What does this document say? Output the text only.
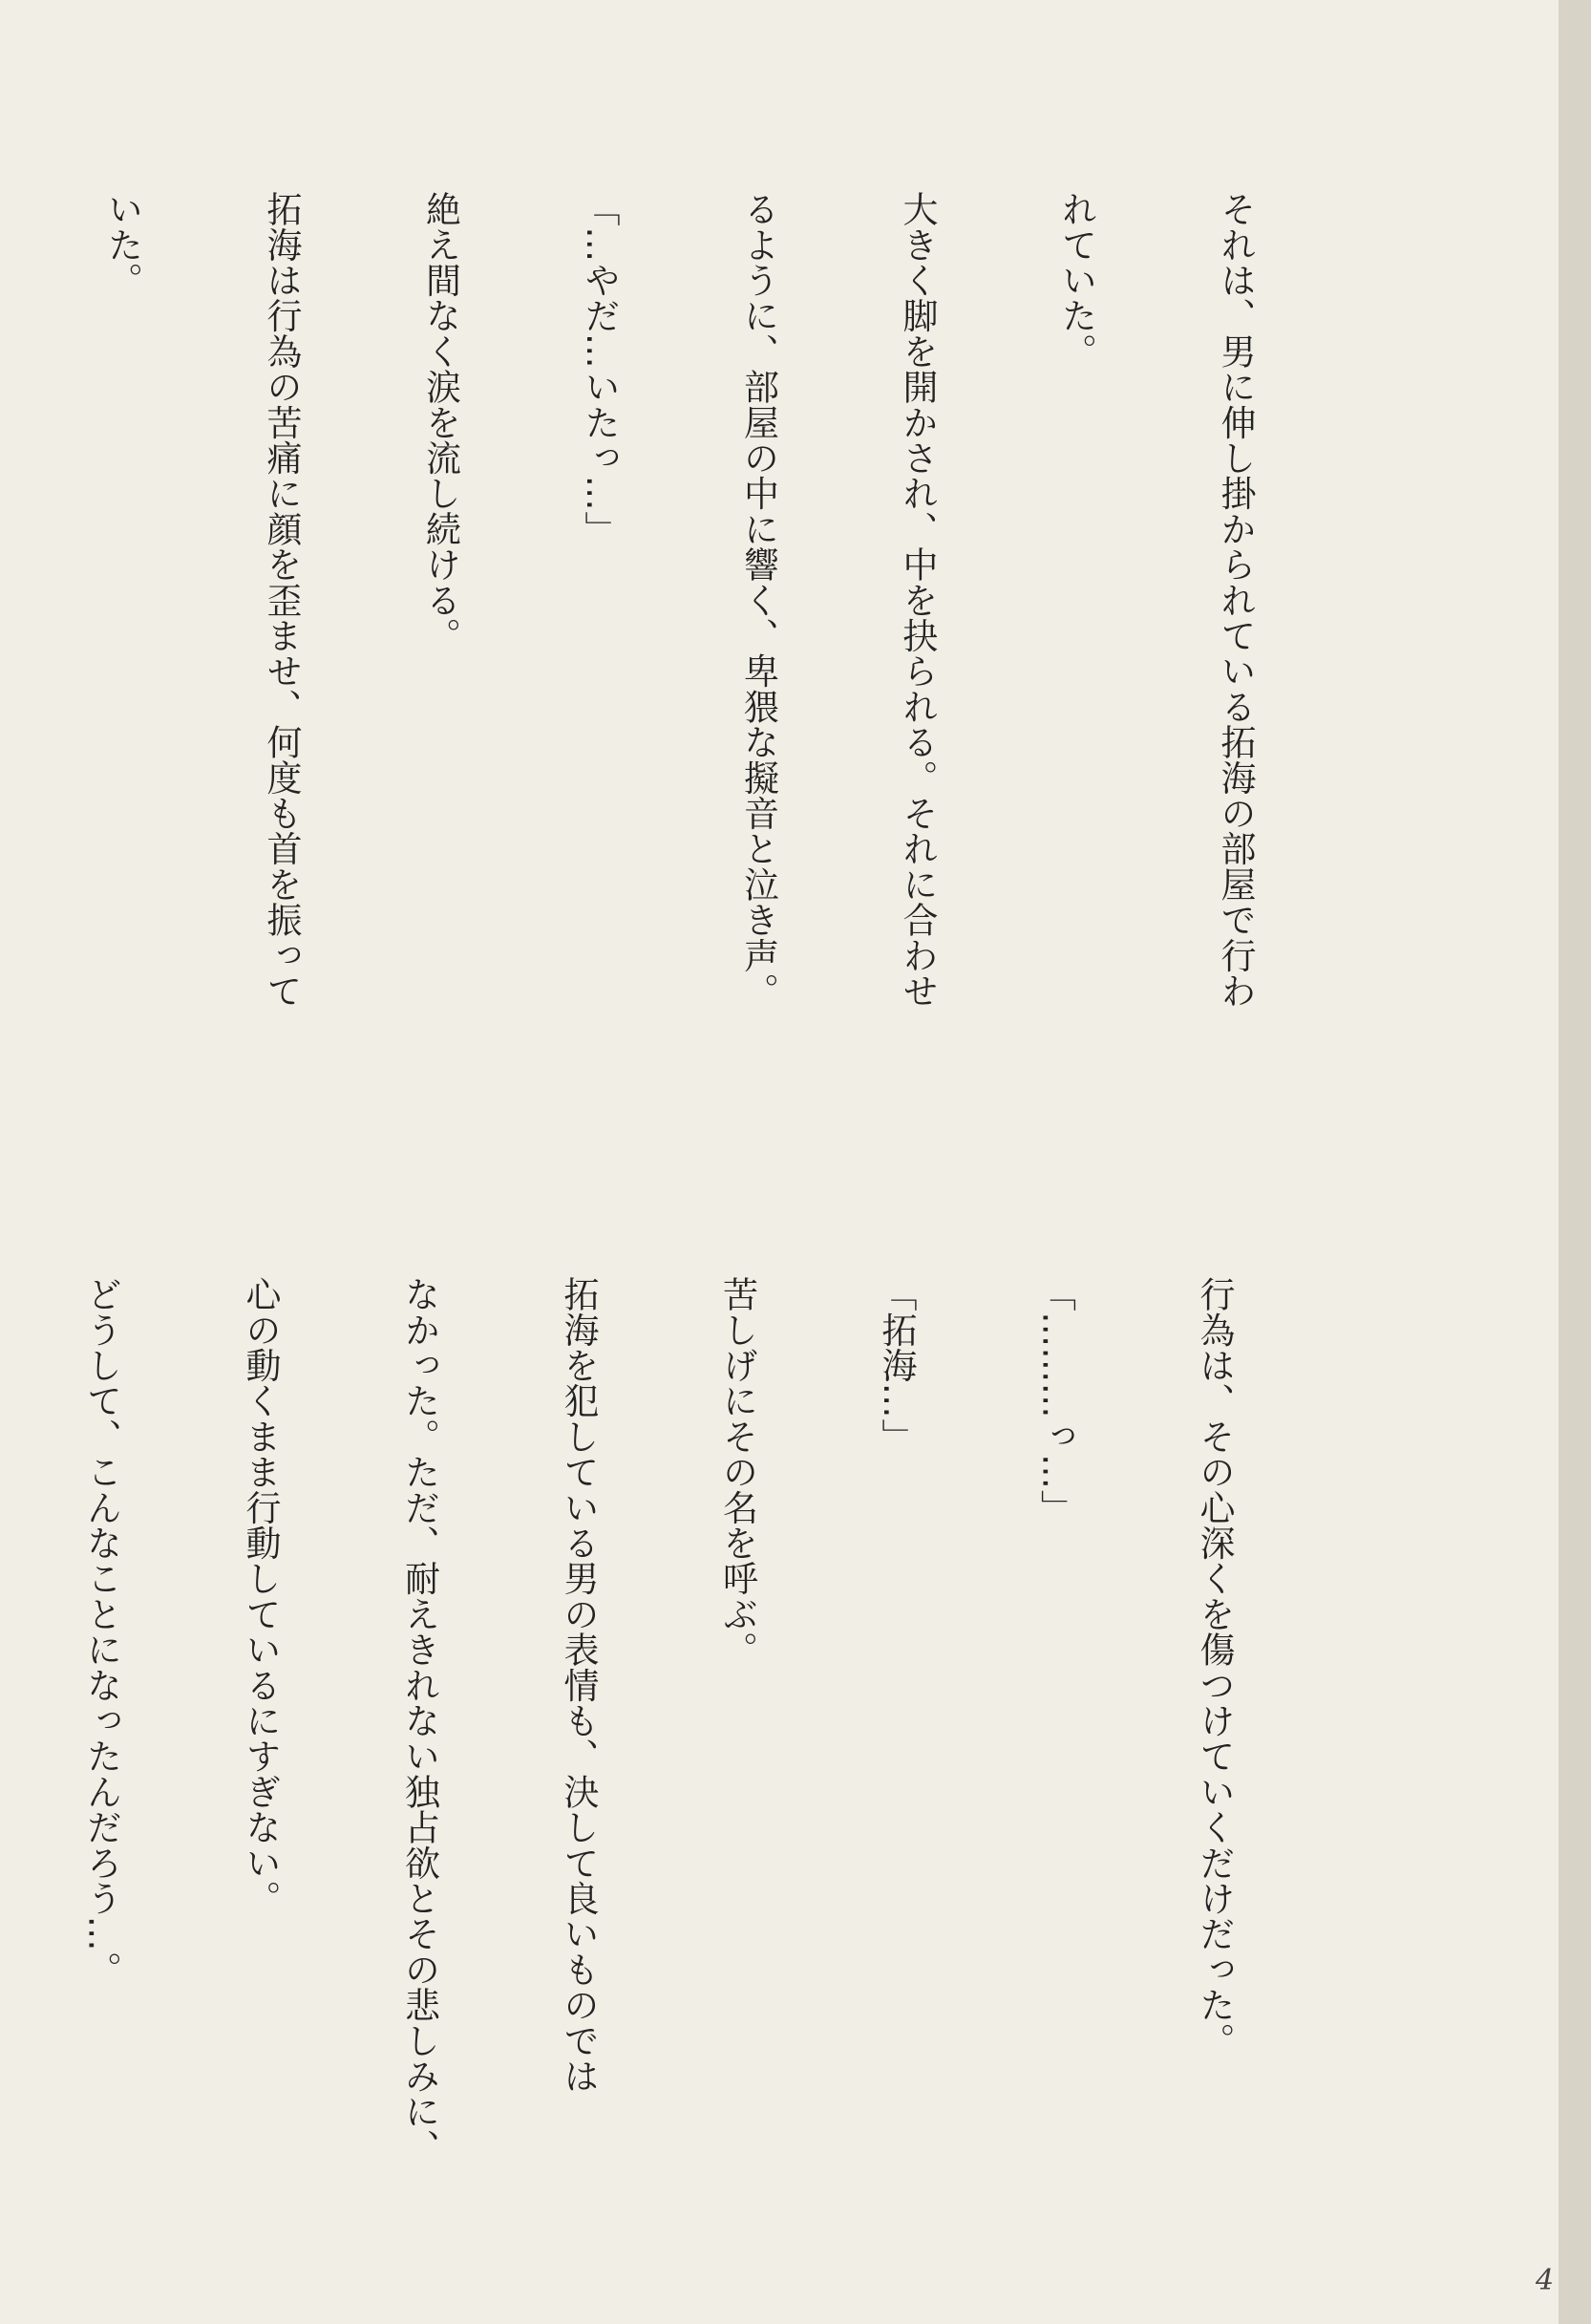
それは、男に伸し掛かられている拓海の部屋で行わ

れていた。

大きく脚を開かされ、中を抉られる。それに合わせ

るように、部屋の中に響く、卑猥な擬音と泣き声。

「…やだ…いたっ…」

絶え間なく涙を流し続ける。

拓海は行為の苦痛に顔を歪ませ、何度も首を振って

いた。

行為は、その心深くを傷つけていくだけだった。

「………っ…」

「拓海…」

苦しげにその名を呼ぶ。

拓海を犯している男の表情も、決して良いものでは

なかった。ただ、耐えきれない独占欲とその悲しみに、

心の動くまま行動しているにすぎない。

どうして、こんなことになったんだろう…。

4
